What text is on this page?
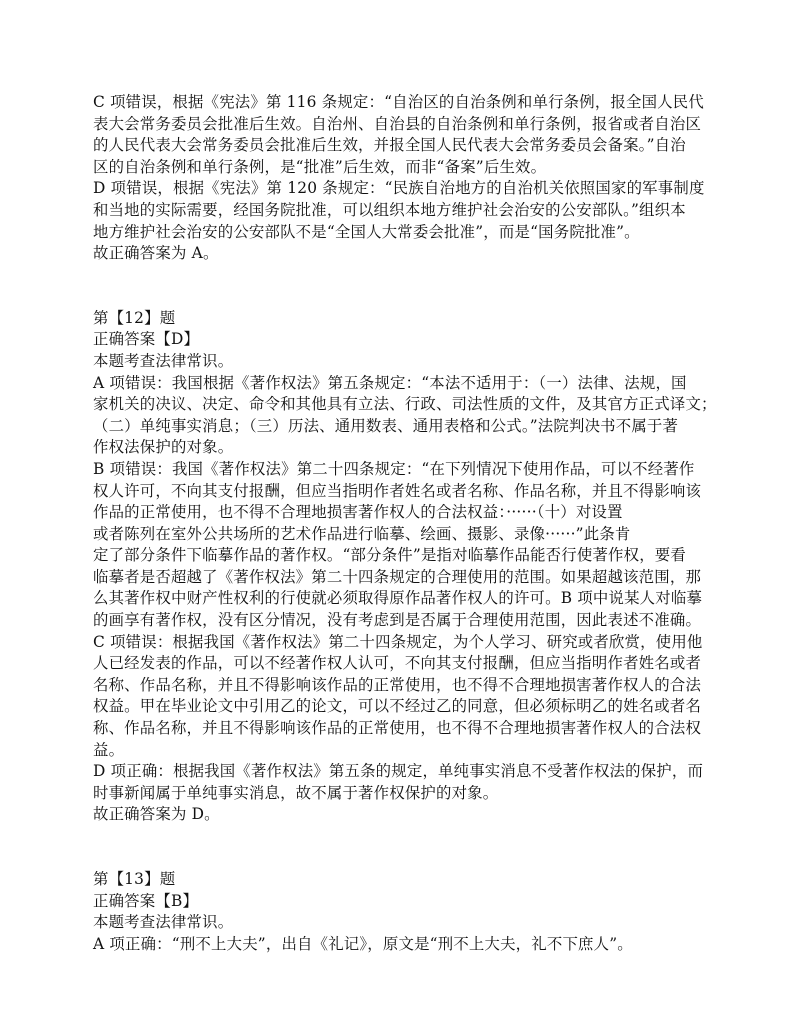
C 项错误，根据《宪法》第 116 条规定：“自治区的自治条例和单行条例，报全国人民代
表大会常务委员会批准后生效。自治州、自治县的自治条例和单行条例，报省或者自治区
的人民代表大会常务委员会批准后生效，并报全国人民代表大会常务委员会备案。”自治
区的自治条例和单行条例，是“批准”后生效，而非“备案”后生效。
D 项错误，根据《宪法》第 120 条规定：“民族自治地方的自治机关依照国家的军事制度
和当地的实际需要，经国务院批准，可以组织本地方维护社会治安的公安部队。”组织本
地方维护社会治安的公安部队不是“全国人大常委会批准”，而是“国务院批准”。
故正确答案为 A。
第【12】题
正确答案【D】
本题考查法律常识。
A 项错误：我国根据《著作权法》第五条规定：“本法不适用于：（一）法律、法规，国
家机关的决议、决定、命令和其他具有立法、行政、司法性质的文件，及其官方正式译文；
（二）单纯事实消息；（三）历法、通用数表、通用表格和公式。”法院判决书不属于著
作权法保护的对象。
B 项错误：我国《著作权法》第二十四条规定：“在下列情况下使用作品，可以不经著作
权人许可，不向其支付报酬，但应当指明作者姓名或者名称、作品名称，并且不得影响该
作品的正常使用，也不得不合理地损害著作权人的合法权益：······（十）对设置
或者陈列在室外公共场所的艺术作品进行临摹、绘画、摄影、录像······”此条肯
定了部分条件下临摹作品的著作权。“部分条件”是指对临摹作品能否行使著作权，要看
临摹者是否超越了《著作权法》第二十四条规定的合理使用的范围。如果超越该范围，那
么其著作权中财产性权利的行使就必须取得原作品著作权人的许可。B 项中说某人对临摹
的画享有著作权，没有区分情况，没有考虑到是否属于合理使用范围，因此表述不准确。
C 项错误：根据我国《著作权法》第二十四条规定，为个人学习、研究或者欣赏，使用他
人已经发表的作品，可以不经著作权人认可，不向其支付报酬，但应当指明作者姓名或者
名称、作品名称，并且不得影响该作品的正常使用，也不得不合理地损害著作权人的合法
权益。甲在毕业论文中引用乙的论文，可以不经过乙的同意，但必须标明乙的姓名或者名
称、作品名称，并且不得影响该作品的正常使用，也不得不合理地损害著作权人的合法权
益。
D 项正确：根据我国《著作权法》第五条的规定，单纯事实消息不受著作权法的保护，而
时事新闻属于单纯事实消息，故不属于著作权保护的对象。
故正确答案为 D。
第【13】题
正确答案【B】
本题考查法律常识。
A 项正确：“刑不上大夫”，出自《礼记》，原文是“刑不上大夫，礼不下庶人”。
